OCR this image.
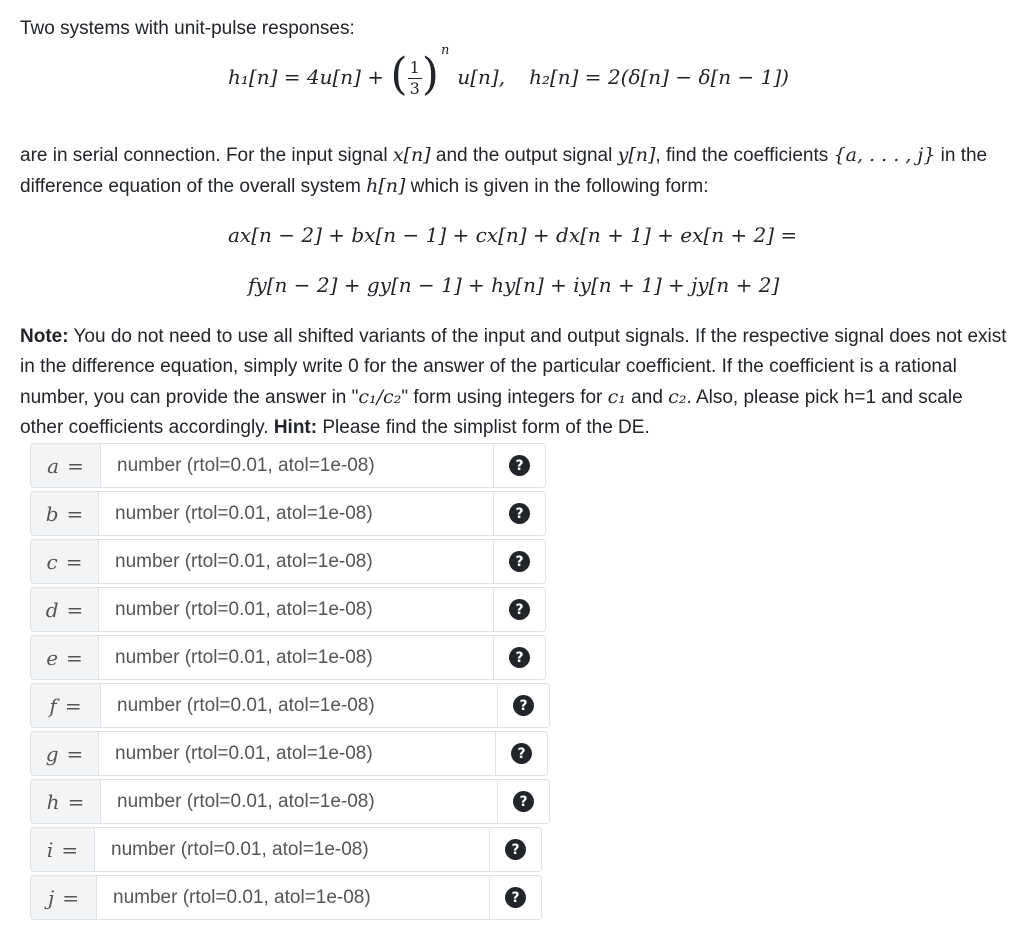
Two systems with unit-pulse responses:

h₁[n] = 4u[n] + ( $\frac{1}{3}$ ) $^n$u[n], h₂[n] = 2(δ[n] − δ[n − 1])

are in serial connection. For the input signal x[n] and the output signal y[n], find the coefficients {a, . . . , j} in the difference equation of the overall system h[n] which is given in the following form:

ax[n − 2] + bx[n − 1] + cx[n] + dx[n + 1] + ex[n + 2] =
fy[n − 2] + gy[n − 1] + hy[n] + iy[n + 1] + jy[n + 2]

Note: You do not need to use all shifted variants of the input and output signals. If the respective signal does not exist in the difference equation, simply write 0 for the answer of the particular coefficient. If the coefficient is a rational number, you can provide the answer in "c₁/c₂" form using integers for c₁ and c₂. Also, please pick h=1 and scale other coefficients accordingly. Hint: Please find the simplist form of the DE.

a =	number (rtol=0.01, atol=1e-08)	?
b =	number (rtol=0.01, atol=1e-08)	?
c =	number (rtol=0.01, atol=1e-08)	?
d =	number (rtol=0.01, atol=1e-08)	?
e =	number (rtol=0.01, atol=1e-08)	?
f =	number (rtol=0.01, atol=1e-08)	?
g =	number (rtol=0.01, atol=1e-08)	?
h =	number (rtol=0.01, atol=1e-08)	?
i =	number (rtol=0.01, atol=1e-08)	?
j =	number (rtol=0.01, atol=1e-08)	?
